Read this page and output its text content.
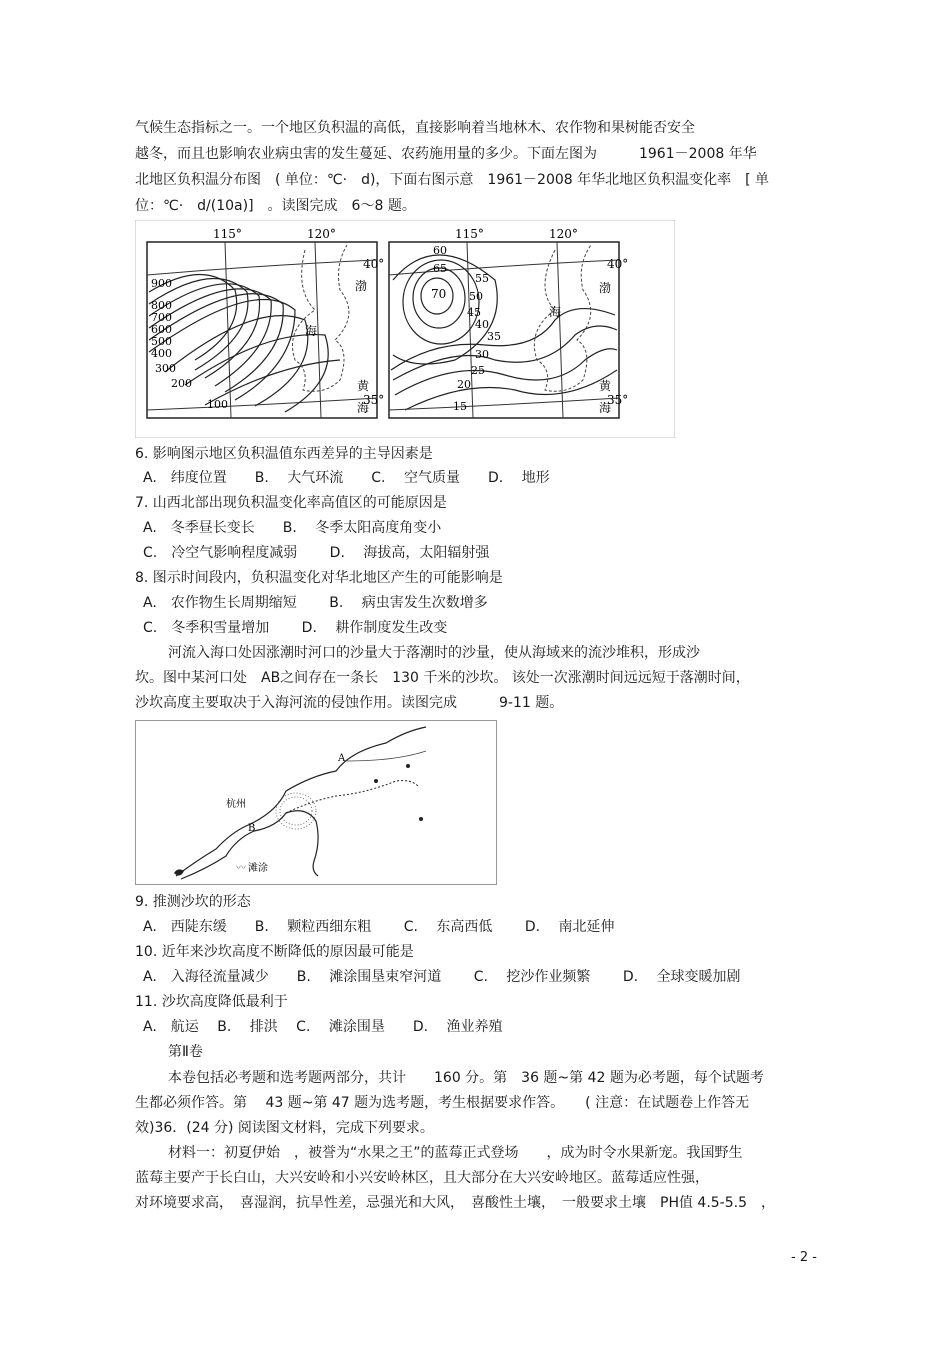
气候生态指标之一。一个地区负积温的高低，直接影响着当地林木、农作物和果树能否安全
越冬，而且也影响农业病虫害的发生蔓延、农药施用量的多少。下面左图为　　　1961－2008 年华
北地区负积温分布图　( 单位：℃·　d)，下面右图示意　1961－2008 年华北地区负积温变化率　[ 单
位：℃·　d/(10a)]　。读图完成　6～8 题。
115°	120°
40°
35°
900
800
700
600
500
400
300
200
100
渤
海
黄
海
115°	120°
40°
35°
60
65
70
55
50
45
40
35
30
25
20
15
渤
海
黄
海
6. 影响图示地区负积温值东西差异的主导因素是
A.　纬度位置　　B.　 大气环流　　C.　 空气质量　　D.　 地形
7. 山西北部出现负积温变化率高值区的可能原因是
A.　冬季昼长变长　　B.　 冬季太阳高度角变小
C.　冷空气影响程度减弱　　 D.　 海拔高，太阳辐射强
8. 图示时间段内，负积温变化对华北地区产生的可能影响是
A.　农作物生长周期缩短　　 B.　 病虫害发生次数增多
C.　冬季积雪量增加　　 D.　 耕作制度发生改变
河流入海口处因涨潮时河口的沙量大于落潮时的沙量，使从海域来的流沙堆积，形成沙
坎。图中某河口处　AB之间存在一条长　130 千米的沙坎。 该处一次涨潮时间远远短于落潮时间，
沙坎高度主要取决于入海河流的侵蚀作用。读图完成　　　9-11 题。
A
B
杭州
〰 滩涂
9. 推测沙坎的形态
A.　西陡东缓　　B.　 颗粒西细东粗　　 C.　 东高西低　　 D.　 南北延伸
10. 近年来沙坎高度不断降低的原因最可能是
A.　入海径流量减少　　B.　 滩涂围垦束窄河道　　 C.　 挖沙作业频繁　　 D.　 全球变暖加剧
11. 沙坎高度降低最利于
A.　航运　 B.　 排洪　 C.　 滩涂围垦　　D.　 渔业养殖
第Ⅱ卷
本卷包括必考题和选考题两部分，共计　　160 分。第　36 题~第 42 题为必考题，每个试题考
生都必须作答。第　 43 题~第 47 题为选考题，考生根据要求作答。　　( 注意：在试题卷上作答无
效)36．(24 分) 阅读图文材料，完成下列要求。
材料一：初夏伊始　，被誉为“水果之王”的蓝莓正式登场　　，成为时令水果新宠。我国野生
蓝莓主要产于长白山，大兴安岭和小兴安岭林区，且大部分在大兴安岭地区。蓝莓适应性强，
对环境要求高，　喜湿润，抗旱性差，忌强光和大风，　喜酸性土壤，　一般要求土壤　PH值 4.5-5.5　，
- 2 -
